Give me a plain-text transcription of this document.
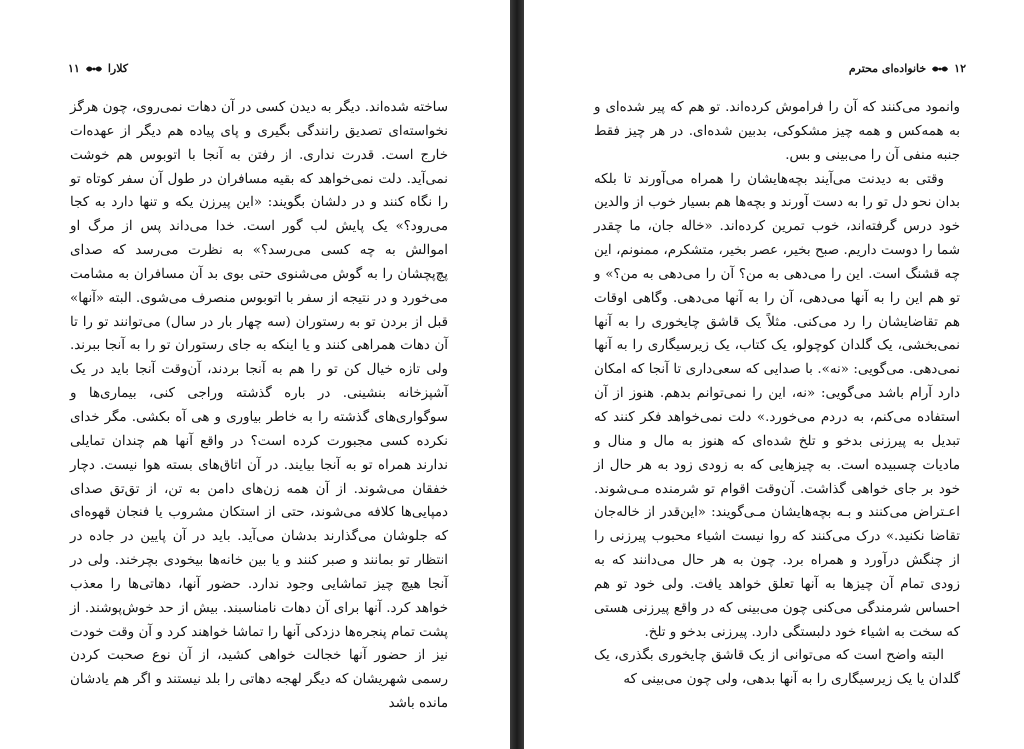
کلارا
۱۱

ساخته شده‌اند. دیگر به دیدن کسی در آن دهات نمی‌روی، چون هرگز نخواسته‌ای تصدیق رانندگی بگیری و پای پیاده هم دیگر از عهده‌ات خارج است. قدرت نداری. از رفتن به آنجا با اتوبوس هم خوشت نمی‌آید. دلت نمی‌خواهد که بقیه مسافران در طول آن سفر کوتاه تو را نگاه کنند و در دلشان بگویند: «این پیرزن یکه و تنها دارد به کجا می‌رود؟» یک پایش لب گور است. خدا می‌داند پس از مرگ او اموالش به چه کسی می‌رسد؟» به نظرت می‌رسد که صدای پچ‌پچشان را به گوش می‌شنوی حتی بوی بد آن مسافران به مشامت می‌خورد و در نتیجه از سفر با اتوبوس منصرف می‌شوی. البته «آنها» قبل از بردن تو به رستوران (سه چهار بار در سال) می‌توانند تو را تا آن دهات همراهی کنند و یا اینکه به جای رستوران تو را به آنجا ببرند. ولی تازه خیال کن تو را هم به آنجا بردند، آن‌وقت آنجا باید در یک آشپزخانه بنشینی. در باره گذشته وراجی کنی، بیماری‌ها و سوگواری‌های گذشته را به خاطر بیاوری و هی آه بکشی. مگر خدای نکرده کسی مجبورت کرده است؟ در واقع آنها هم چندان تمایلی ندارند همراه تو به آنجا بیایند. در آن اتاق‌های بسته هوا نیست. دچار خفقان می‌شوند. از آن همه زن‌های دامن به تن، از تق‌تق صدای دمپایی‌ها کلافه می‌شوند، حتی از استکان مشروب یا فنجان قهوه‌ای که جلوشان می‌گذارند بدشان می‌آید. باید در آن پایین در جاده در انتظار تو بمانند و صبر کنند و یا بین خانه‌ها بیخودی بچرخند. ولی در آنجا هیچ چیز تماشایی وجود ندارد. حضور آنها، دهاتی‌ها را معذب خواهد کرد. آنها برای آن دهات نامناسبند. بیش از حد خوش‌پوشند. از پشت تمام پنجره‌ها دزدکی آنها را تماشا خواهند کرد و آن وقت خودت نیز از حضور آنها خجالت خواهی کشید، از آن نوع صحبت کردن رسمی شهریشان که دیگر لهجه دهاتی را بلد نیستند و اگر هم یادشان مانده باشد

۱۲
خانواده‌ای محترم

وانمود می‌کنند که آن را فراموش کرده‌اند. تو هم که پیر شده‌ای و به همه‌کس و همه چیز مشکوکی، بدبین شده‌ای. در هر چیز فقط جنبه منفی آن را می‌بینی و بس.

وقتی به دیدنت می‌آیند بچه‌هایشان را همراه می‌آورند تا بلکه بدان نحو دل تو را به دست آورند و بچه‌ها هم بسیار خوب از والدین خود درس گرفته‌اند، خوب تمرین کرده‌اند. «خاله جان، ما چقدر شما را دوست داریم. صبح بخیر، عصر بخیر، متشکرم، ممنونم، این چه قشنگ است. این را می‌دهی به من؟ آن را می‌دهی به من؟» و تو هم این را به آنها می‌دهی، آن را به آنها می‌دهی. وگاهی اوقات هم تقاضایشان را رد می‌کنی. مثلاً یک قاشق چایخوری را به آنها نمی‌بخشی، یک گلدان کوچولو، یک کتاب، یک زیرسیگاری را به آنها نمی‌دهی. می‌گویی: «نه». با صدایی که سعی‌داری تا آنجا که امکان دارد آرام باشد می‌گویی: «نه، این را نمی‌توانم بدهم. هنوز از آن استفاده می‌کنم، به دردم می‌خورد.» دلت نمی‌خواهد فکر کنند که تبدیل به پیرزنی بدخو و تلخ شده‌ای که هنوز به مال و منال و ماديات چسبیده است. به چیزهایی که به زودی زود به هر حال از خود بر جای خواهی گذاشت. آن‌وقت اقوام تو شرمنده مـی‌شوند. اعـتراض می‌کنند و بـه بچه‌هایشان مـی‌گویند: «این‌قدر از خاله‌جان تقاضا نکنید.» درک می‌کنند که روا نیست اشیاء محبوب پیرزنی را از چنگش درآورد و همراه برد. چون به هر حال می‌دانند که به زودی تمام آن چیزها به آنها تعلق خواهد یافت. ولی خود تو هم احساس شرمندگی می‌کنی چون می‌بینی که در واقع پیرزنی هستی که سخت به اشیاء خود دلبستگی دارد. پیرزنی بدخو و تلخ.

البته واضح است که می‌توانی از یک قاشق چایخوری بگذری، یک گلدان یا یک زیرسیگاری را به آنها بدهی، ولی چون می‌بینی که
